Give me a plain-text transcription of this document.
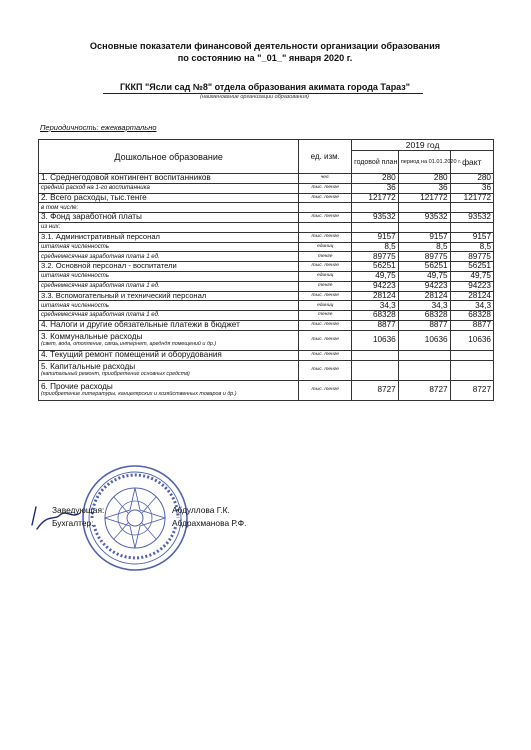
Основные показатели финансовой деятельности организации образования
по состоянию на "_01_" января 2020 г.
ГККП "Ясли сад №8" отдела образования акимата города Тараз"
(наименование организации образования)
Периодичность: ежеквартально
Дошкольное образование	ед. изм.	2019 год		
		годовой план	период на 01.01.2020 г.	факт
1. Среднегодовой контингент воспитанников	чел.	280	280	280
средний расход на 1-го воспитанника	тыс. тенге	36	36	36
2. Всего расходы, тыс.тенге	тыс. тенге	121772	121772	121772
в том числе:				
3. Фонд заработной платы	тыс. тенге	93532	93532	93532
из них:				
3.1. Административный персонал	тыс. тенге	9157	9157	9157
штатная численность	единиц	8,5	8,5	8,5
среднемесячная заработная плата 1 ед.	тенге	89775	89775	89775
3.2. Основной персонал - воспитатели	тыс. тенге	56251	56251	56251
штатная численность	единиц	49,75	49,75	49,75
среднемесячная заработная плата 1 ед.	тенге	94223	94223	94223
3.3. Вспомогательный и технический персонал	тыс. тенге	28124	28124	28124
штатная численность	единиц	34,3	34,3	34,3
среднемесячная заработная плата 1 ед.	тенге	68328	68328	68328
4. Налоги и другие обязательные платежи в бюджет	тыс. тенге	8877	8877	8877
3. Коммунальные расходы
(свет, вода, отопление, связь,интернет, аредндя помещений и др.)	тыс. тенге	10636	10636	10636
4. Текущий ремонт помещений и оборудования	тыс. тенге			
5. Капитальные расходы
(капитальный ремонт, приобретение основных средств)	тыс. тенге			
6. Прочие расходы
(приобретение литературы, канцелярских и хозяйственных товаров и др.)	тыс. тенге	8727	8727	8727
Заведующая:	Абдуллова Г.К.
Бухгалтер:	Абдрахманова Р.Ф.
